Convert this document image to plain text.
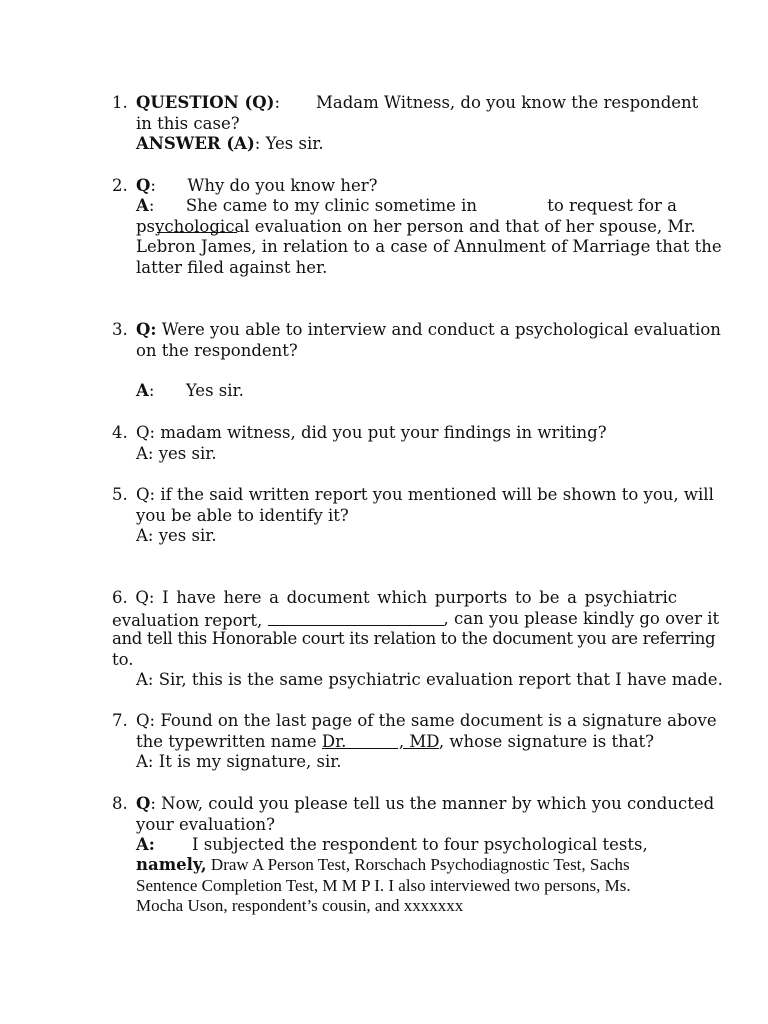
1. QUESTION (Q): Madam Witness, do you know the respondent
in this case?
ANSWER (A): Yes sir.
2. Q:      Why do you know her?
A:      She came to my clinic sometime in
	to request for a
psychological evaluation on her person and that of her spouse, Mr.
Lebron James, in relation to a case of Annulment of Marriage that the
latter filed against her.
3. Q: Were you able to interview and conduct a psychological evaluation
on the respondent?
A:      Yes sir.
4. Q: madam witness, did you put your findings in writing?
A: yes sir.
5. Q: if the said written report you mentioned will be shown to you, will
you be able to identify it?
A: yes sir.
6. Q: I have here a document which purports to be a psychiatric
evaluation report,	, can you please kindly go over it
and tell this Honorable court its relation to the document you are referring
to.
A: Sir, this is the same psychiatric evaluation report that I have made.
7. Q: Found on the last page of the same document is a signature above
the typewritten name Dr.          , MD, whose signature is that?
A: It is my signature, sir.
8. Q: Now, could you please tell us the manner by which you conducted
your evaluation?
A: I subjected the respondent to four psychological tests,
namely, Draw A Person Test, Rorschach Psychodiagnostic Test, Sachs
Sentence Completion Test, M M P I. I also interviewed two persons, Ms.
Mocha Uson, respondent’s cousin, and xxxxxxx
